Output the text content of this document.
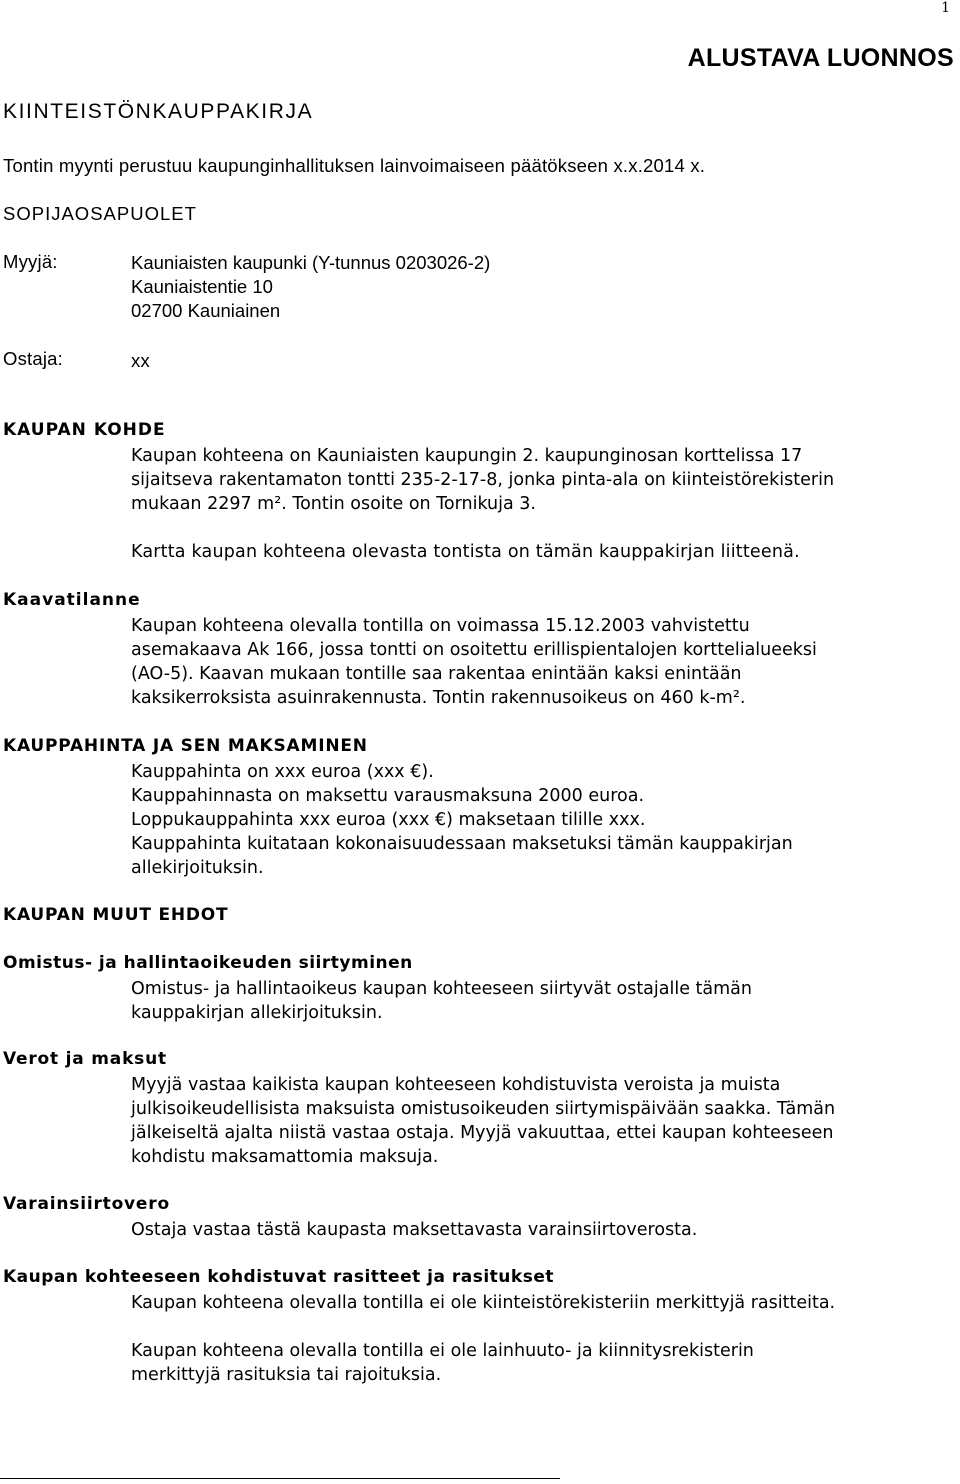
1
ALUSTAVA LUONNOS
KIINTEISTÖNKAUPPAKIRJA
Tontin myynti perustuu kaupunginhallituksen lainvoimaiseen päätökseen x.x.2014 x.
SOPIJAOSAPUOLET
Myyjä:	Kauniaisten kaupunki (Y-tunnus 0203026-2)
Kauniaistentie 10
02700 Kauniainen
Ostaja:	xx
KAUPAN KOHDE
Kaupan kohteena on Kauniaisten kaupungin 2. kaupunginosan korttelissa 17
sijaitseva rakentamaton tontti 235-2-17-8, jonka pinta-ala on kiinteistörekisterin
mukaan 2297 m². Tontin osoite on Tornikuja 3.
Kartta kaupan kohteena olevasta tontista on tämän kauppakirjan liitteenä.
Kaavatilanne
Kaupan kohteena olevalla tontilla on voimassa 15.12.2003 vahvistettu
asemakaava Ak 166, jossa tontti on osoitettu erillispientalojen korttelialueeksi
(AO-5). Kaavan mukaan tontille saa rakentaa enintään kaksi enintään
kaksikerroksista asuinrakennusta. Tontin rakennusoikeus on 460 k-m².
KAUPPAHINTA JA SEN MAKSAMINEN
Kauppahinta on xxx euroa (xxx €).
Kauppahinnasta on maksettu varausmaksuna 2000 euroa.
Loppukauppahinta xxx euroa (xxx €) maksetaan tilille xxx.
Kauppahinta kuitataan kokonaisuudessaan maksetuksi tämän kauppakirjan
allekirjoituksin.
KAUPAN MUUT EHDOT
Omistus- ja hallintaoikeuden siirtyminen
Omistus- ja hallintaoikeus kaupan kohteeseen siirtyvät ostajalle tämän
kauppakirjan allekirjoituksin.
Verot ja maksut
Myyjä vastaa kaikista kaupan kohteeseen kohdistuvista veroista ja muista
julkisoikeudellisista maksuista omistusoikeuden siirtymispäivään saakka. Tämän
jälkeiseltä ajalta niistä vastaa ostaja. Myyjä vakuuttaa, ettei kaupan kohteeseen
kohdistu maksamattomia maksuja.
Varainsiirtovero
Ostaja vastaa tästä kaupasta maksettavasta varainsiirtoverosta.
Kaupan kohteeseen kohdistuvat rasitteet ja rasitukset
Kaupan kohteena olevalla tontilla ei ole kiinteistörekisteriin merkittyjä rasitteita.
Kaupan kohteena olevalla tontilla ei ole lainhuuto- ja kiinnitysrekisterin
merkittyjä rasituksia tai rajoituksia.
